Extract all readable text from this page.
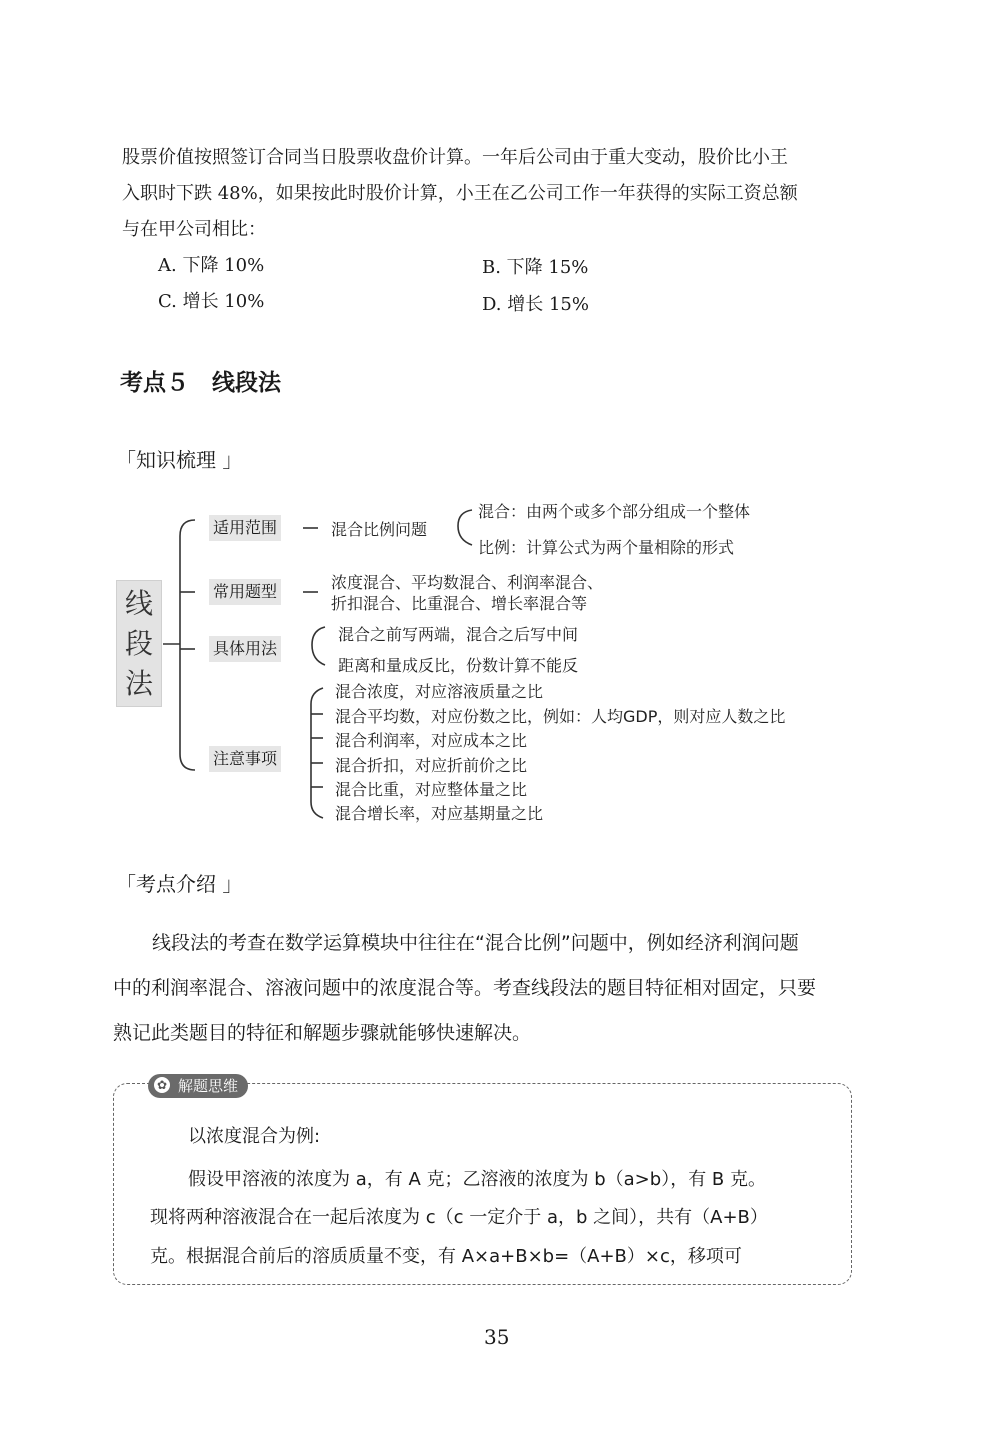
股票价值按照签订合同当日股票收盘价计算。一年后公司由于重大变动，股价比小王
入职时下跌 48%，如果按此时股价计算，小王在乙公司工作一年获得的实际工资总额
与在甲公司相比：
A. 下降 10%	B. 下降 15%
C. 增长 10%	D. 增长 15%
考点５　线段法
「知识梳理 」
线
段
法
适用范围	混合比例问题
混合：由两个或多个部分组成一个整体
比例：计算公式为两个量相除的形式
常用题型	浓度混合、平均数混合、利润率混合、
折扣混合、比重混合、增长率混合等
具体用法
混合之前写两端，混合之后写中间
距离和量成反比，份数计算不能反
注意事项
混合浓度，对应溶液质量之比
混合平均数，对应份数之比，例如：人均GDP，则对应人数之比
混合利润率，对应成本之比
混合折扣，对应折前价之比
混合比重，对应整体量之比
混合增长率，对应基期量之比
「考点介绍 」
线段法的考查在数学运算模块中往往在“混合比例”问题中，例如经济利润问题
中的利润率混合、溶液问题中的浓度混合等。考查线段法的题目特征相对固定，只要
熟记此类题目的特征和解题步骤就能够快速解决。
✿ 解题思维
以浓度混合为例:
假设甲溶液的浓度为 a，有 A 克；乙溶液的浓度为 b（a>b），有 B 克。
现将两种溶液混合在一起后浓度为 c（c 一定介于 a，b 之间），共有（A+B）
克。根据混合前后的溶质质量不变，有 A×a+B×b=（A+B）×c，移项可
35
